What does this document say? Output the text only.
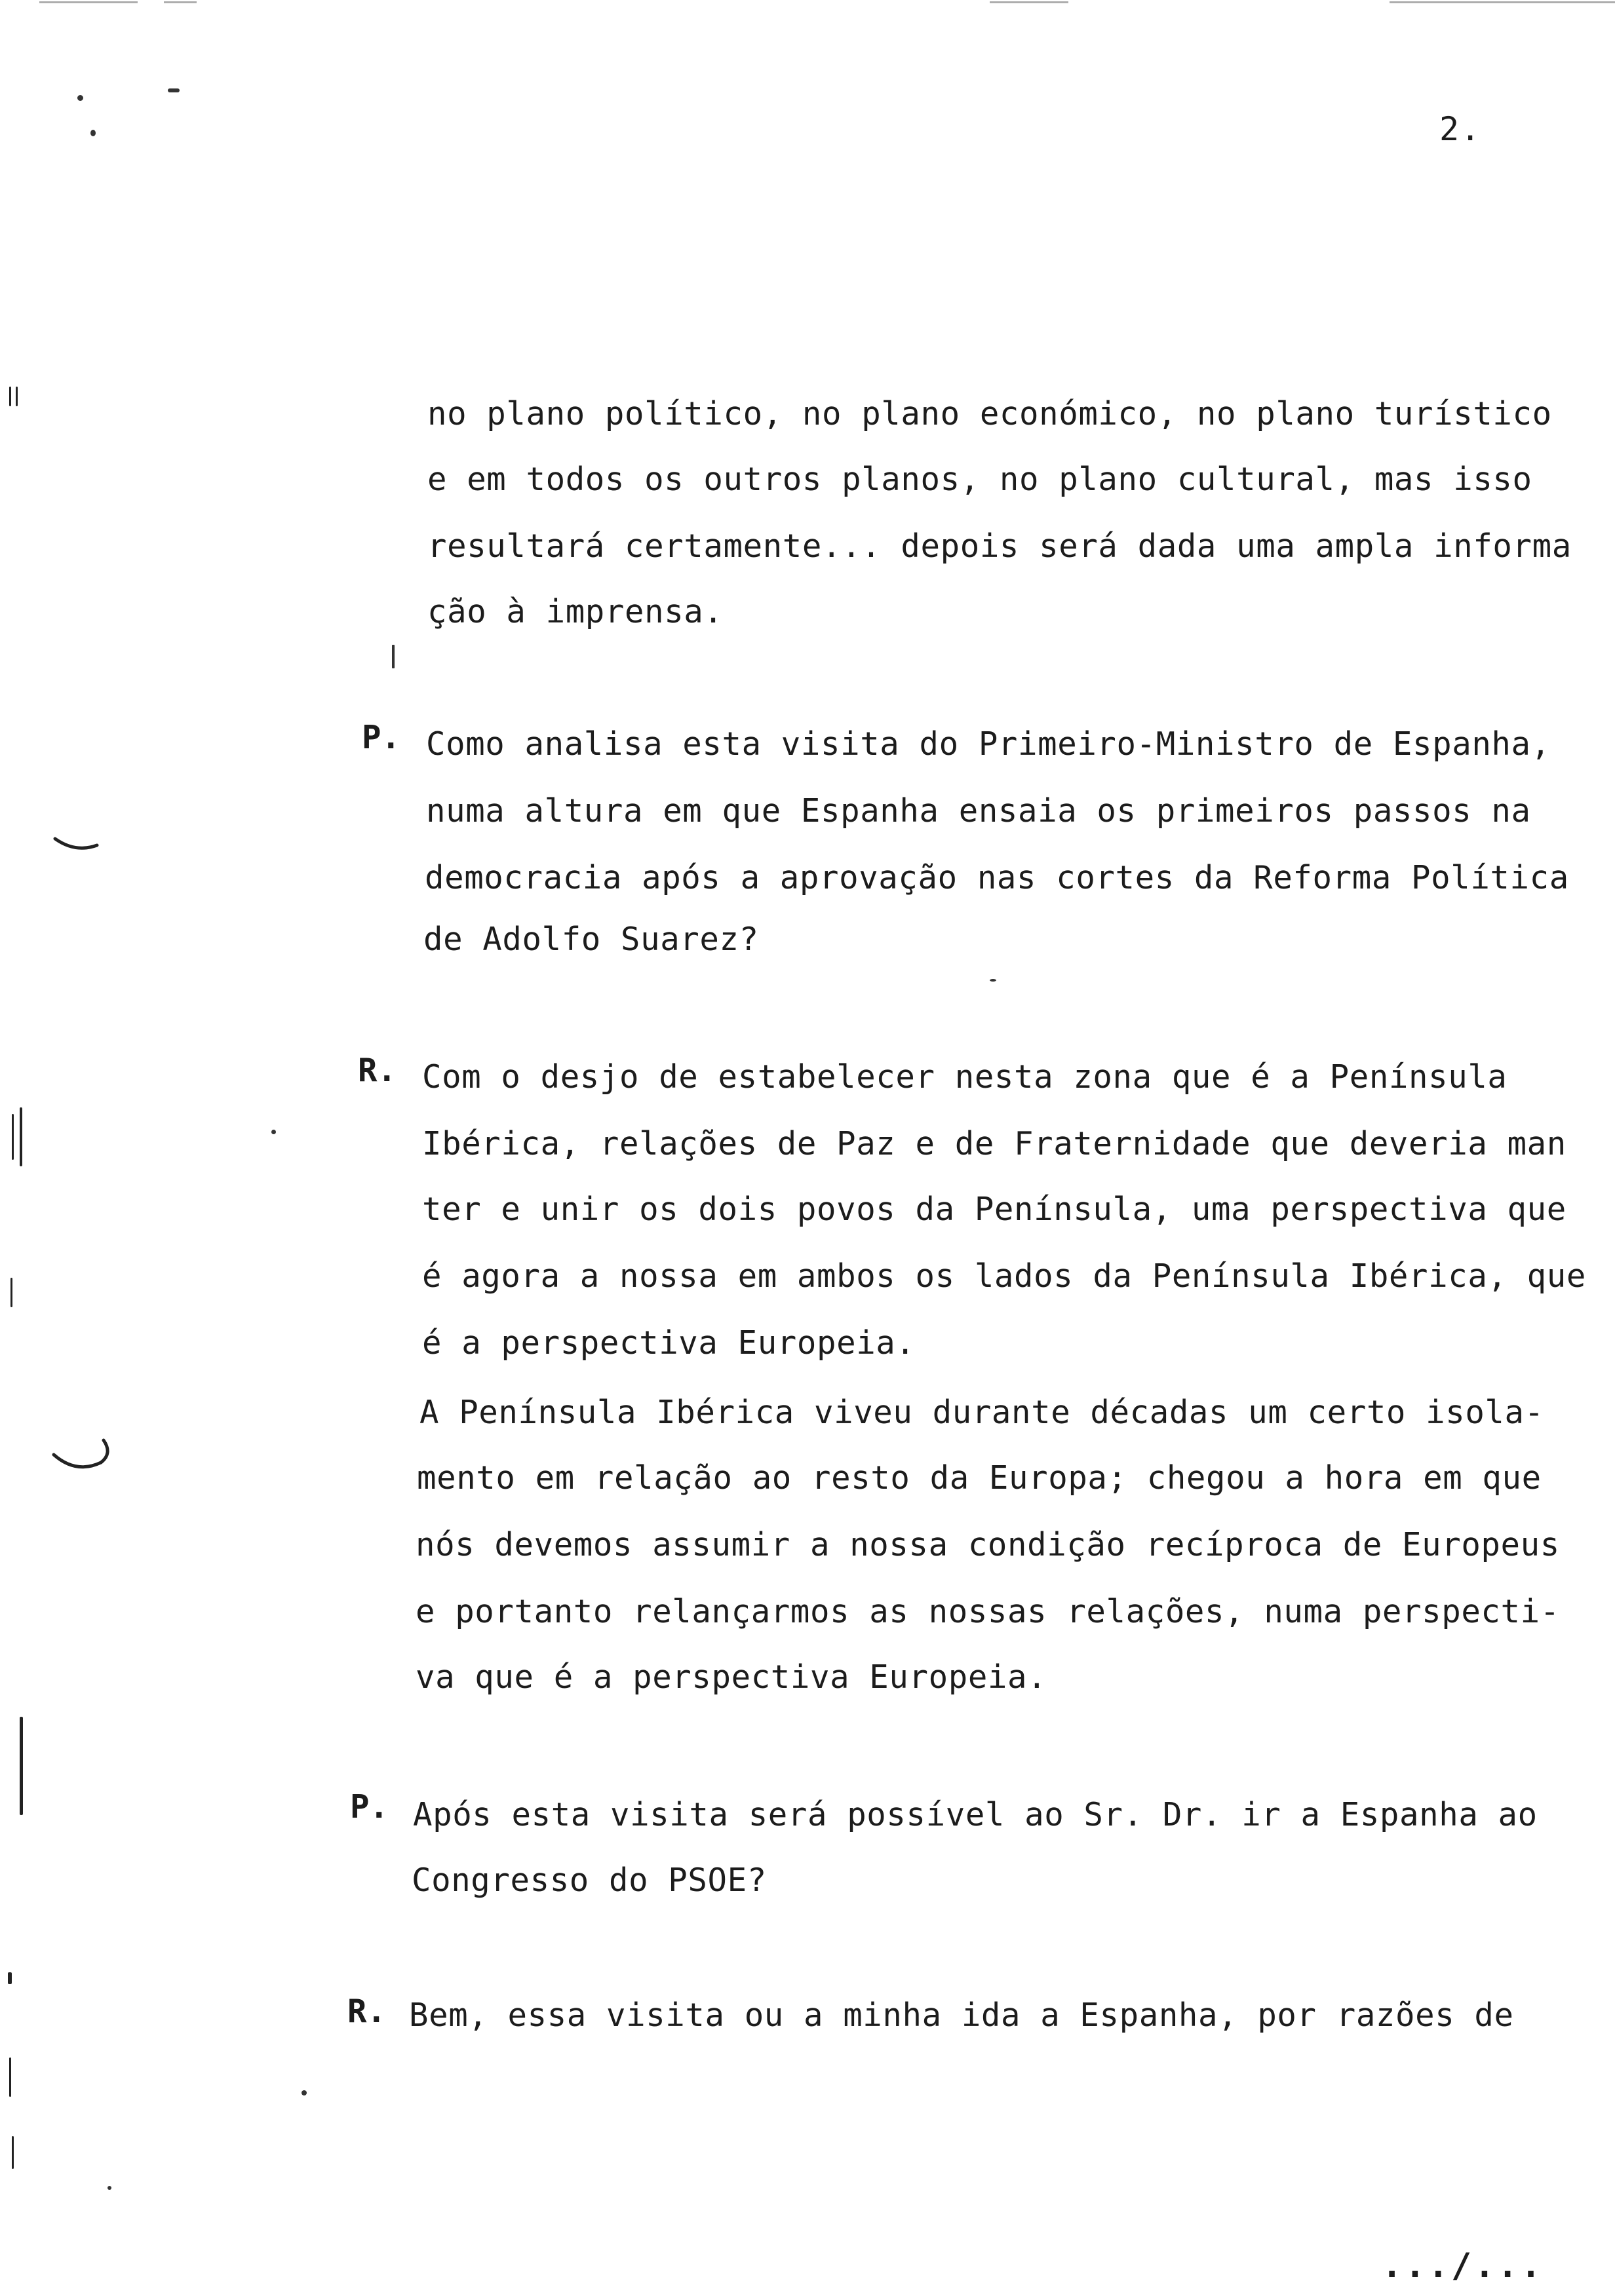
2.
no plano político, no plano económico, no plano turístico
e em todos os outros planos, no plano cultural, mas isso
resultará certamente... depois será dada uma ampla informa
ção à imprensa.
P. Como analisa esta visita do Primeiro-Ministro de Espanha,
numa altura em que Espanha ensaia os primeiros passos na
democracia após a aprovação nas cortes da Reforma Política
de Adolfo Suarez?
R. Com o desjo de estabelecer nesta zona que é a Península
Ibérica, relações de Paz e de Fraternidade que deveria man
ter e unir os dois povos da Península, uma perspectiva que
é agora a nossa em ambos os lados da Península Ibérica, que
é a perspectiva Europeia.
A Península Ibérica viveu durante décadas um certo isola-
mento em relação ao resto da Europa; chegou a hora em que
nós devemos assumir a nossa condição recíproca de Europeus
e portanto relançarmos as nossas relações, numa perspecti-
va que é a perspectiva Europeia.
P. Após esta visita será possível ao Sr. Dr. ir a Espanha ao
Congresso do PSOE?
R. Bem, essa visita ou a minha ida a Espanha, por razões de
.../...
